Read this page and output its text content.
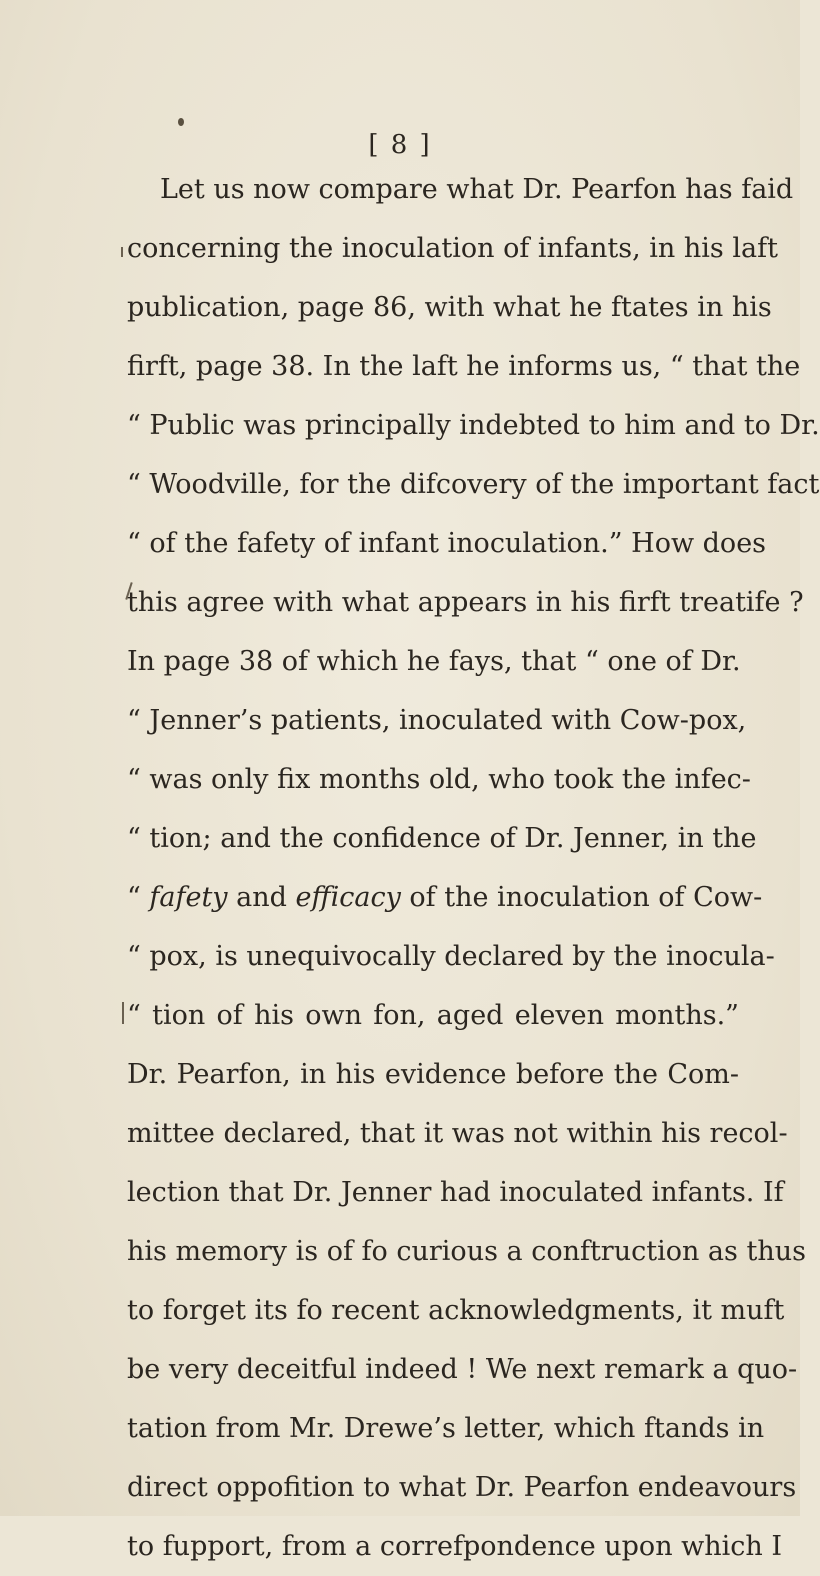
[ 8 ]
Let us now compare what Dr. Pearfon has faid
concerning the inoculation of infants, in his laft
publication, page 86, with what he ftates in his
firft, page 38. In the laft he informs us, “ that the
“ Public was principally indebted to him and to Dr.
“ Woodville, for the difcovery of the important fact
“ of the fafety of infant inoculation.” How does
this agree with what appears in his firft treatife ?
In page 38 of which he fays, that “ one of Dr.
“ Jenner’s patients, inoculated with Cow-pox,
“ was only fix months old, who took the infec-
“ tion; and the confidence of Dr. Jenner, in the
“ fafety and efficacy of the inoculation of Cow-
“ pox, is unequivocally declared by the inocula-
“ tion of his own fon, aged eleven months.”
Dr. Pearfon, in his evidence before the Com-
mittee declared, that it was not within his recol-
lection that Dr. Jenner had inoculated infants. If
his memory is of fo curious a conftruction as thus
to forget its fo recent acknowledgments, it muft
be very deceitful indeed ! We next remark a quo-
tation from Mr. Drewe’s letter, which ftands in
direct oppofition to what Dr. Pearfon endeavours
to fupport, from a correfpondence upon which I
